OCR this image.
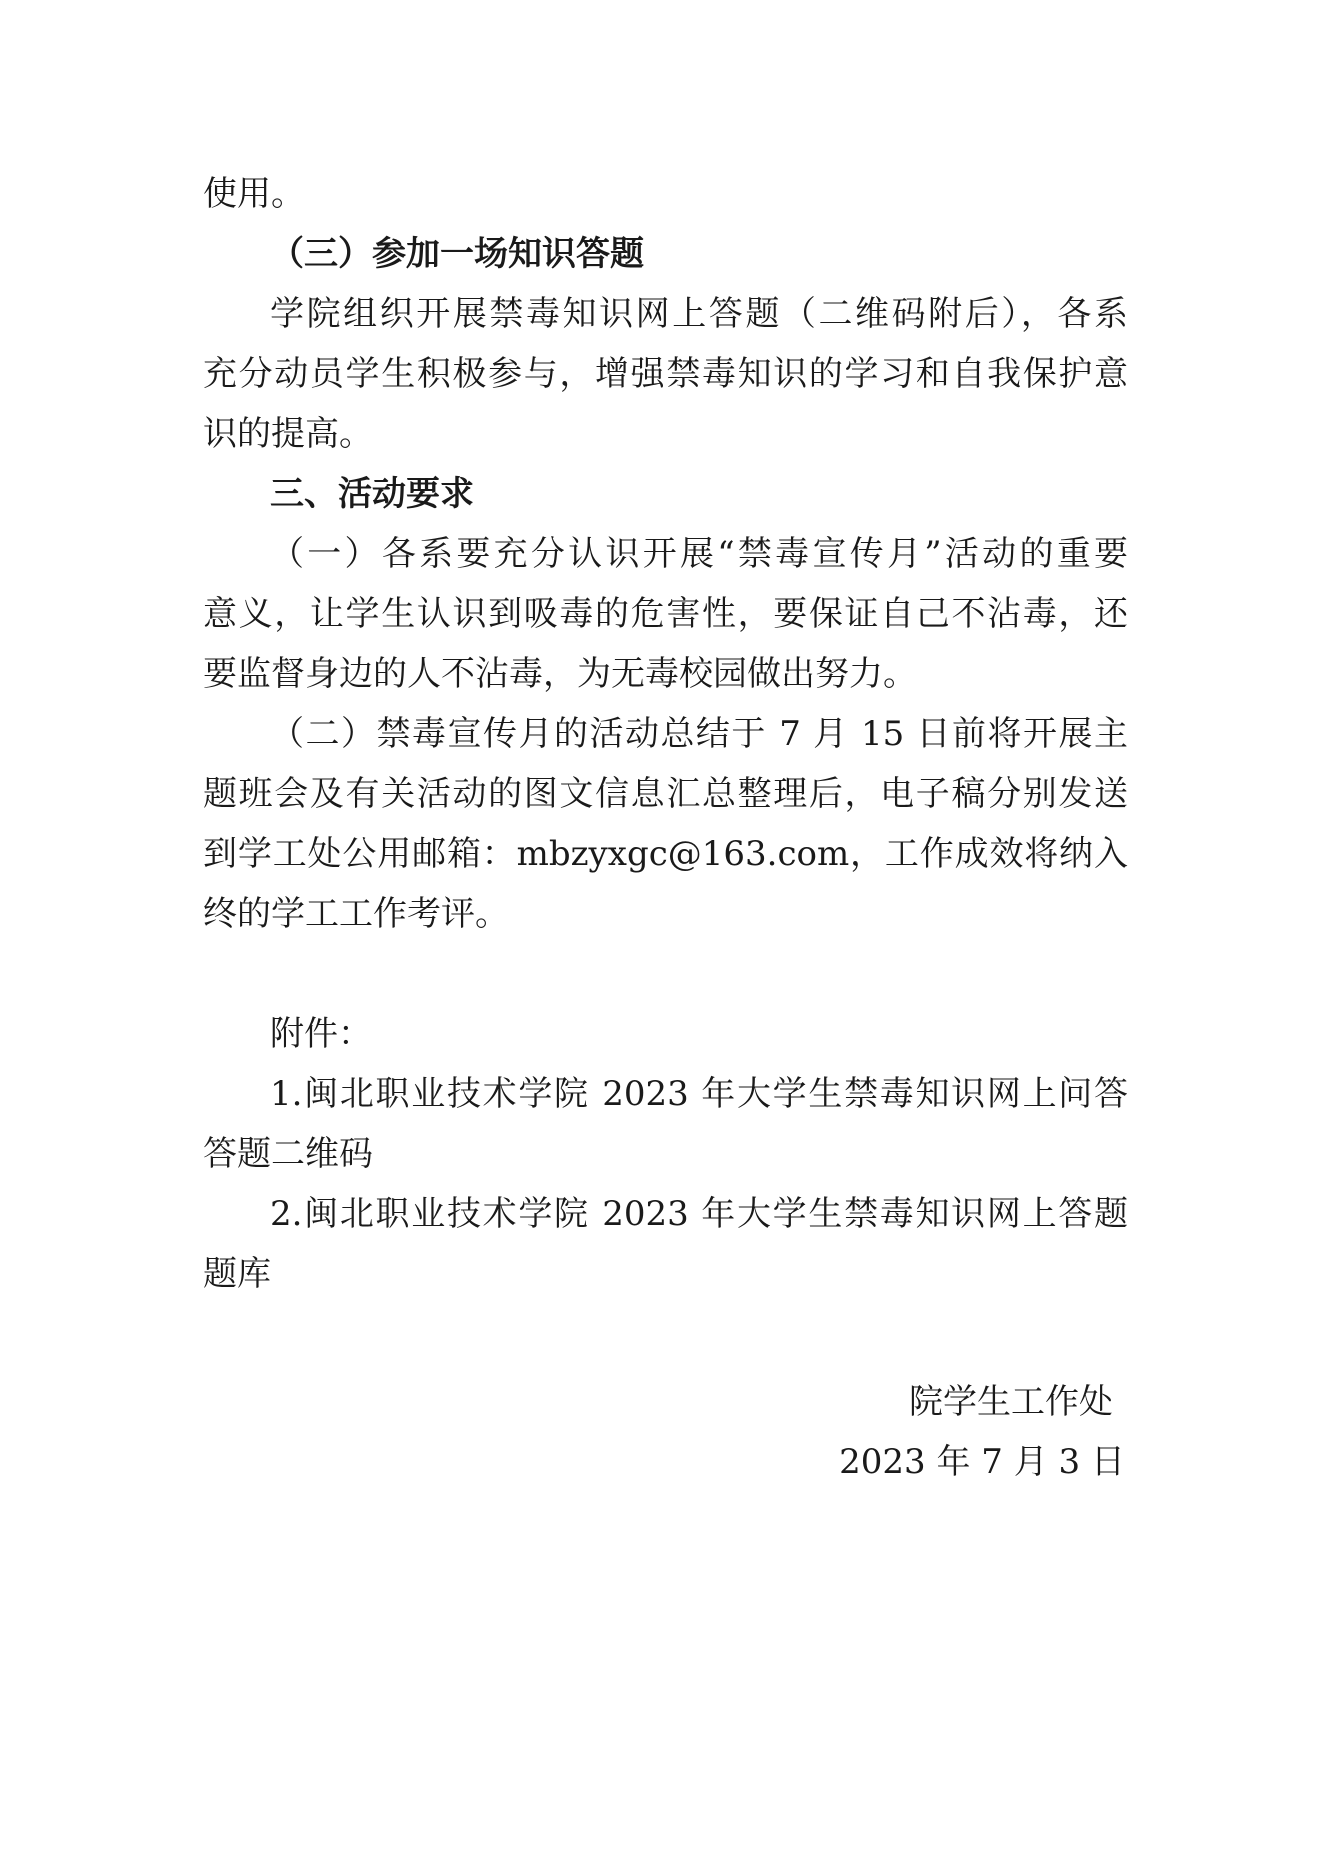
使用。
（三）参加一场知识答题
学院组织开展禁毒知识网上答题（二维码附后），各系
充分动员学生积极参与，增强禁毒知识的学习和自我保护意
识的提高。
三、活动要求
（一）各系要充分认识开展“禁毒宣传月”活动的重要
意义，让学生认识到吸毒的危害性，要保证自己不沾毒，还
要监督身边的人不沾毒，为无毒校园做出努力。
（二）禁毒宣传月的活动总结于 7 月 15 日前将开展主
题班会及有关活动的图文信息汇总整理后，电子稿分别发送
到学工处公用邮箱：mbzyxgc@163.com，工作成效将纳入
终的学工工作考评。
附件：
1.闽北职业技术学院 2023 年大学生禁毒知识网上问答
答题二维码
2.闽北职业技术学院 2023 年大学生禁毒知识网上答题
题库
院学生工作处
2023 年 7 月 3 日
